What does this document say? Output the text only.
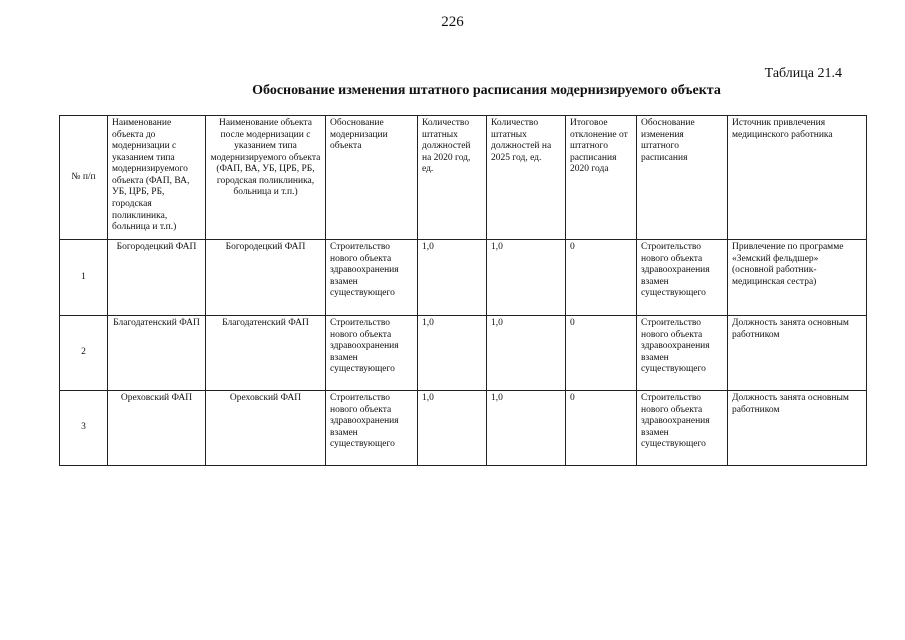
226
Таблица 21.4
Обоснование изменения штатного расписания модернизируемого объекта
№ п/п	Наименование объекта до модернизации с указанием типа модернизируемого объекта (ФАП, ВА, УБ, ЦРБ, РБ, городская поликлиника, больница и т.п.)	Наименование объекта после модернизации с указанием типа модернизируемого объекта (ФАП, ВА, УБ, ЦРБ, РБ, городская поликлиника, больница и т.п.)	Обоснование модернизации объекта	Количество штатных должностей на 2020 год, ед.	Количество штатных должностей на 2025 год, ед.	Итоговое отклонение от штатного расписания 2020 года	Обоснование изменения штатного расписания	Источник привлечения медицинского работника
1	Богородецкий ФАП	Богородецкий ФАП	Строительство нового объекта здравоохранения взамен существующего	1,0	1,0	0	Строительство нового объекта здравоохранения взамен существующего	Привлечение по программе «Земский фельдшер» (основной работник- медицинская сестра)
2	Благодатенский ФАП	Благодатенский ФАП	Строительство нового объекта здравоохранения взамен существующего	1,0	1,0	0	Строительство нового объекта здравоохранения взамен существующего	Должность занята основным работником
3	Ореховский ФАП	Ореховский ФАП	Строительство нового объекта здравоохранения взамен существующего	1,0	1,0	0	Строительство нового объекта здравоохранения взамен существующего	Должность занята основным работником
